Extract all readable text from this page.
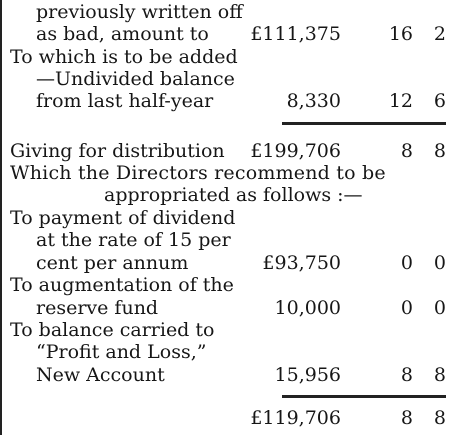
previously written off
as bad, amount to £111,375	16	2
To which is to be added
—Undivided balance
from last half-year	8,330	12	6
Giving for distribution £199,706	8	8
Which the Directors recommend to be
appropriated as follows :—
To payment of dividend
at the rate of 15 per
cent per annum	£93,750	0	0
To augmentation of the
reserve fund	10,000	0	0
To balance carried to
“Profit and Loss,”
New Account	15,956	8	8
£119,706	8	8
